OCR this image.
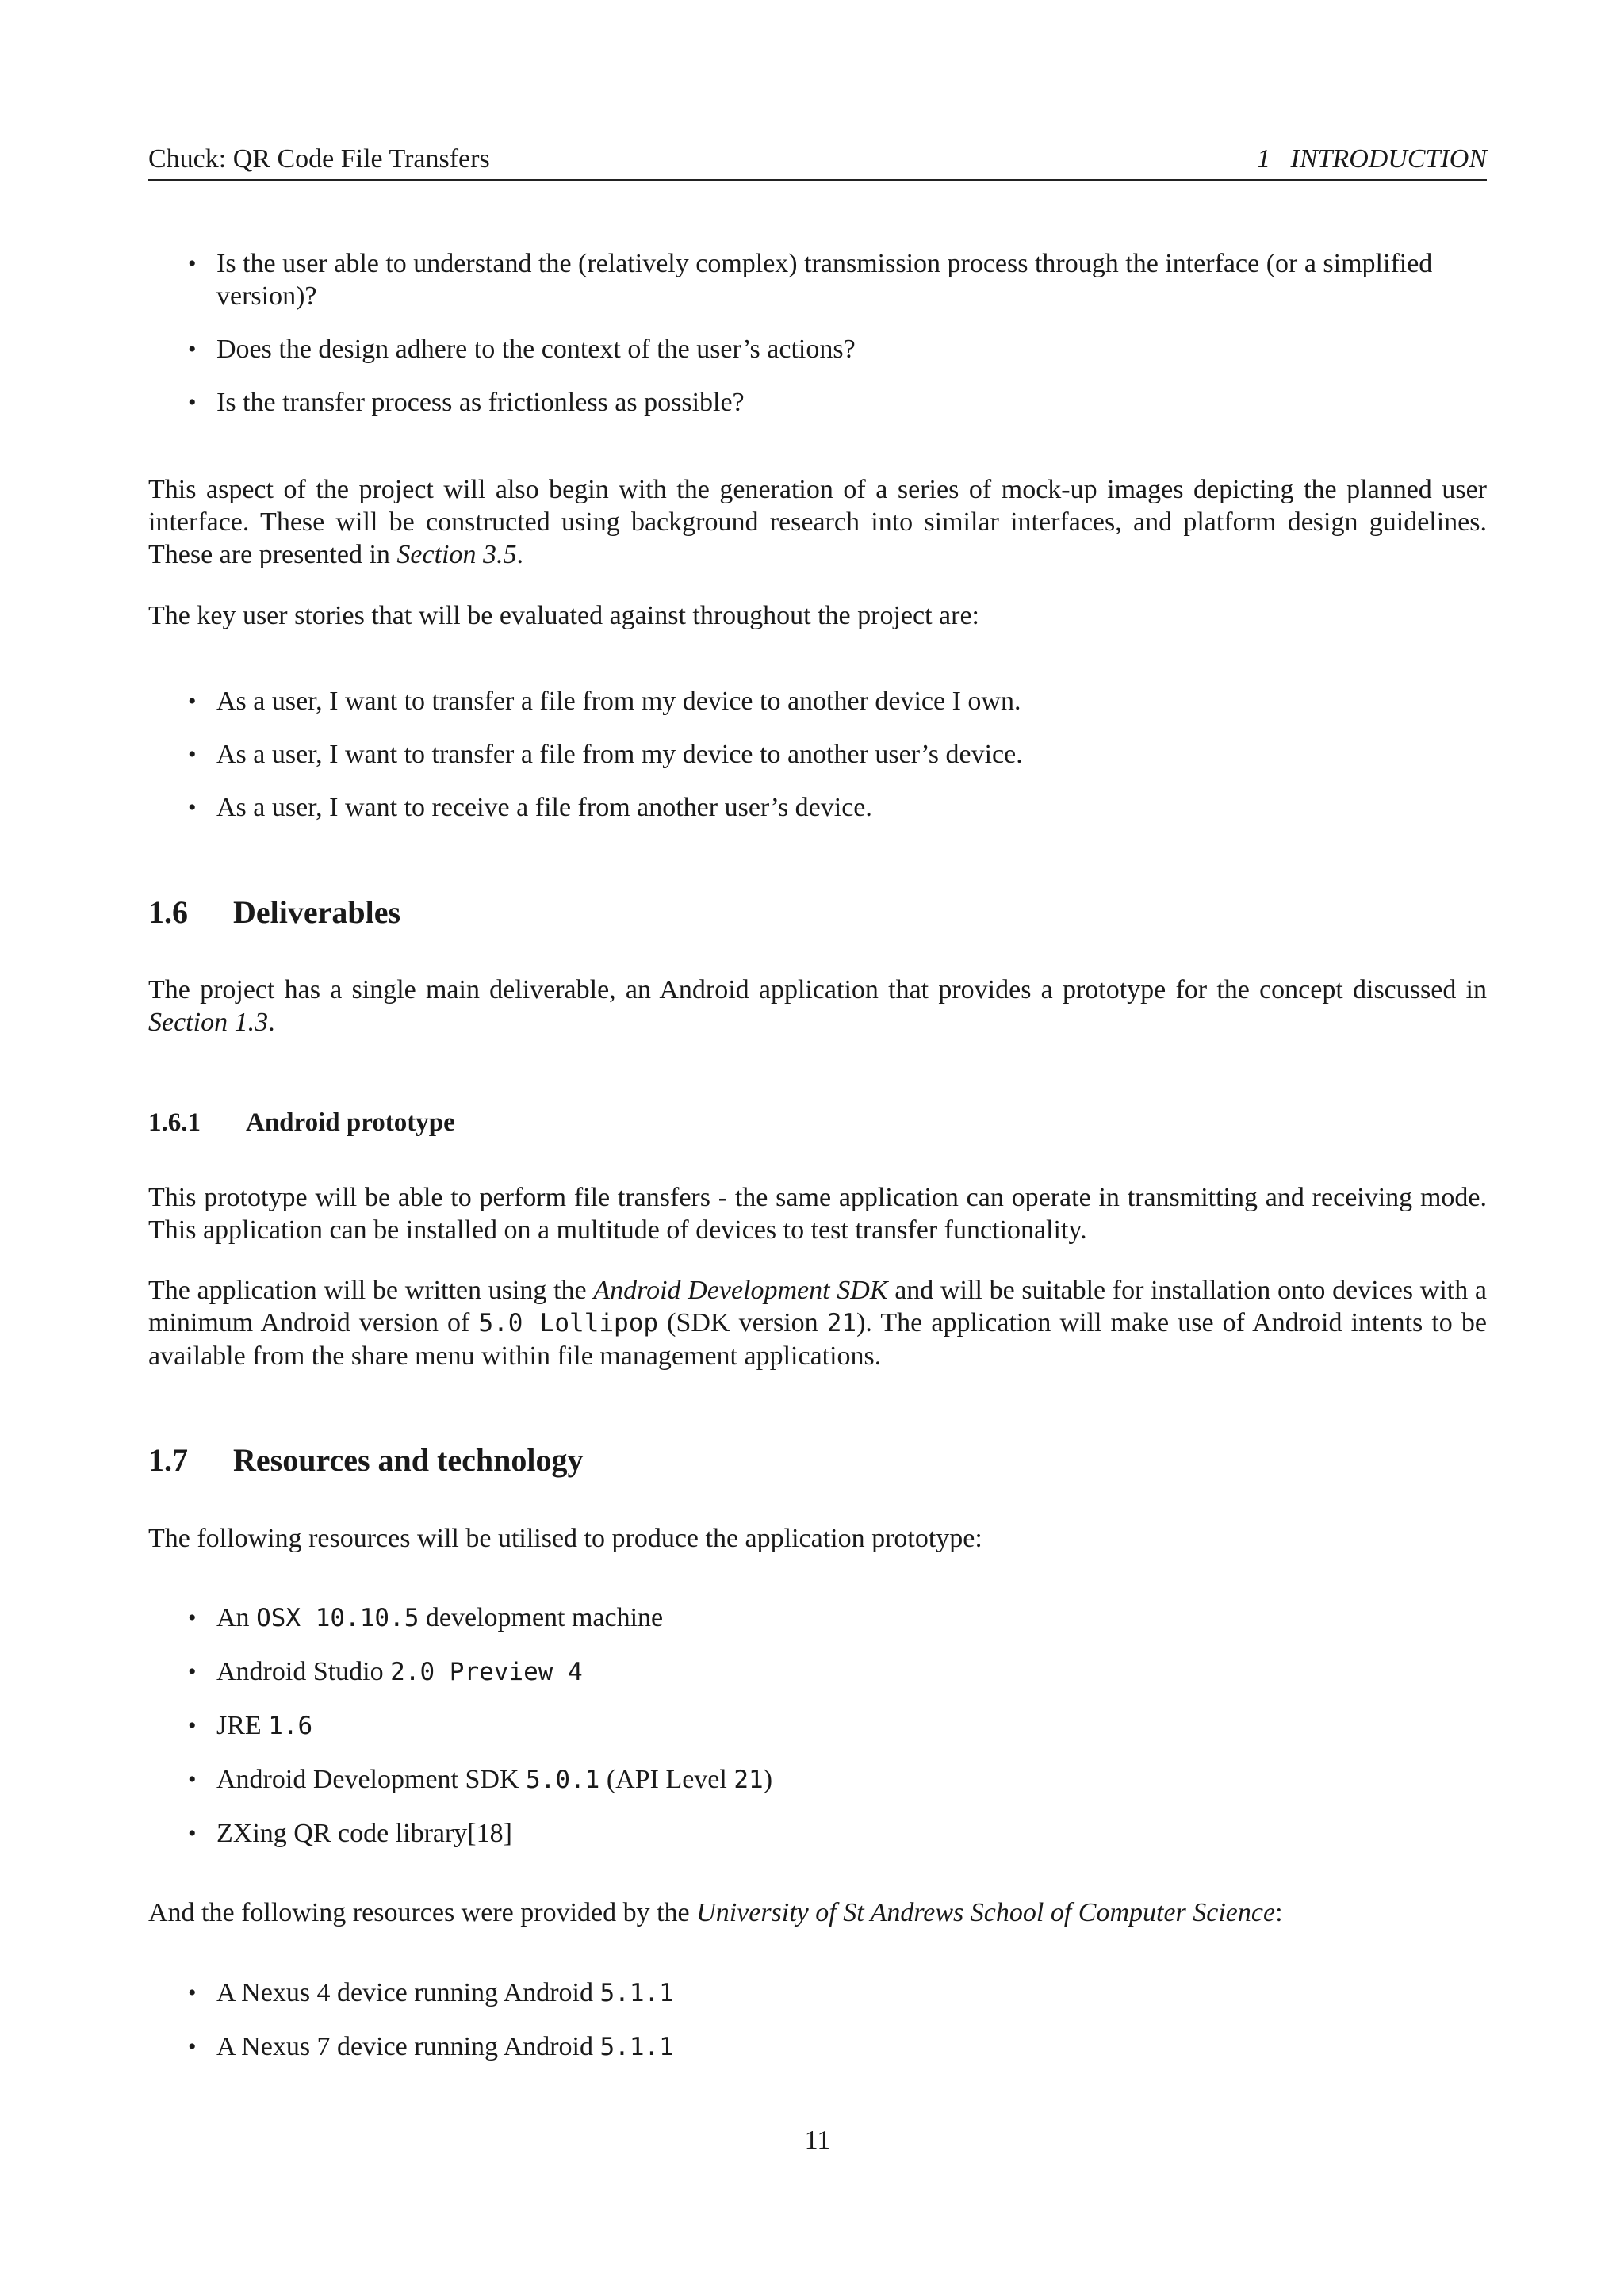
Chuck: QR Code File Transfers	1   INTRODUCTION
• Is the user able to understand the (relatively complex) transmission process through the interface (or a simplified version)?
• Does the design adhere to the context of the user’s actions?
• Is the transfer process as frictionless as possible?

This aspect of the project will also begin with the generation of a series of mock-up images depicting the planned user interface. These will be constructed using background research into similar interfaces, and platform design guidelines. These are presented in Section 3.5.

The key user stories that will be evaluated against throughout the project are:

• As a user, I want to transfer a file from my device to another device I own.
• As a user, I want to transfer a file from my device to another user’s device.
• As a user, I want to receive a file from another user’s device.
1.6 Deliverables

The project has a single main deliverable, an Android application that provides a prototype for the concept discussed in Section 1.3.

1.6.1 Android prototype

This prototype will be able to perform file transfers - the same application can operate in transmitting and receiving mode. This application can be installed on a multitude of devices to test transfer functionality.

The application will be written using the Android Development SDK and will be suitable for installation onto devices with a minimum Android version of 5.0 Lollipop (SDK version 21). The application will make use of Android intents to be available from the share menu within file management applications.

1.7 Resources and technology

The following resources will be utilised to produce the application prototype:

• An OSX 10.10.5 development machine
• Android Studio 2.0 Preview 4
• JRE 1.6
• Android Development SDK 5.0.1 (API Level 21)
• ZXing QR code library[18]

And the following resources were provided by the University of St Andrews School of Computer Science:

• A Nexus 4 device running Android 5.1.1
• A Nexus 7 device running Android 5.1.1
11
